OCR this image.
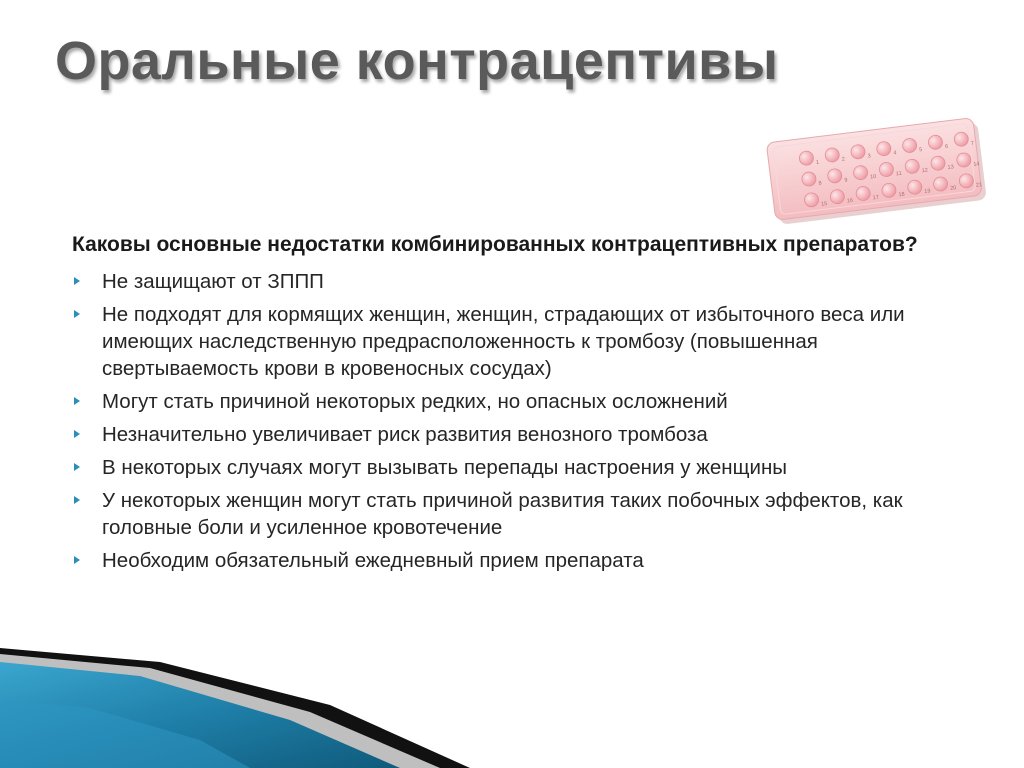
Оральные контрацептивы
1
2
3
4
5
6
7
8
9
10	11	12	13	14
15	16	17	18	19	20	21

Каковы основные недостатки комбинированных контрацептивных препаратов?

Не защищают от ЗППП
Не подходят для кормящих женщин, женщин, страдающих от избыточного веса или имеющих наследственную предрасположенность к тромбозу (повышенная свертываемость крови в кровеносных сосудах)
Могут стать причиной некоторых редких, но опасных осложнений
Незначительно увеличивает риск развития венозного тромбоза
В некоторых случаях могут вызывать перепады настроения у женщины
У некоторых женщин могут стать причиной развития таких побочных эффектов, как головные боли и усиленное кровотечение
Необходим обязательный ежедневный прием препарата
